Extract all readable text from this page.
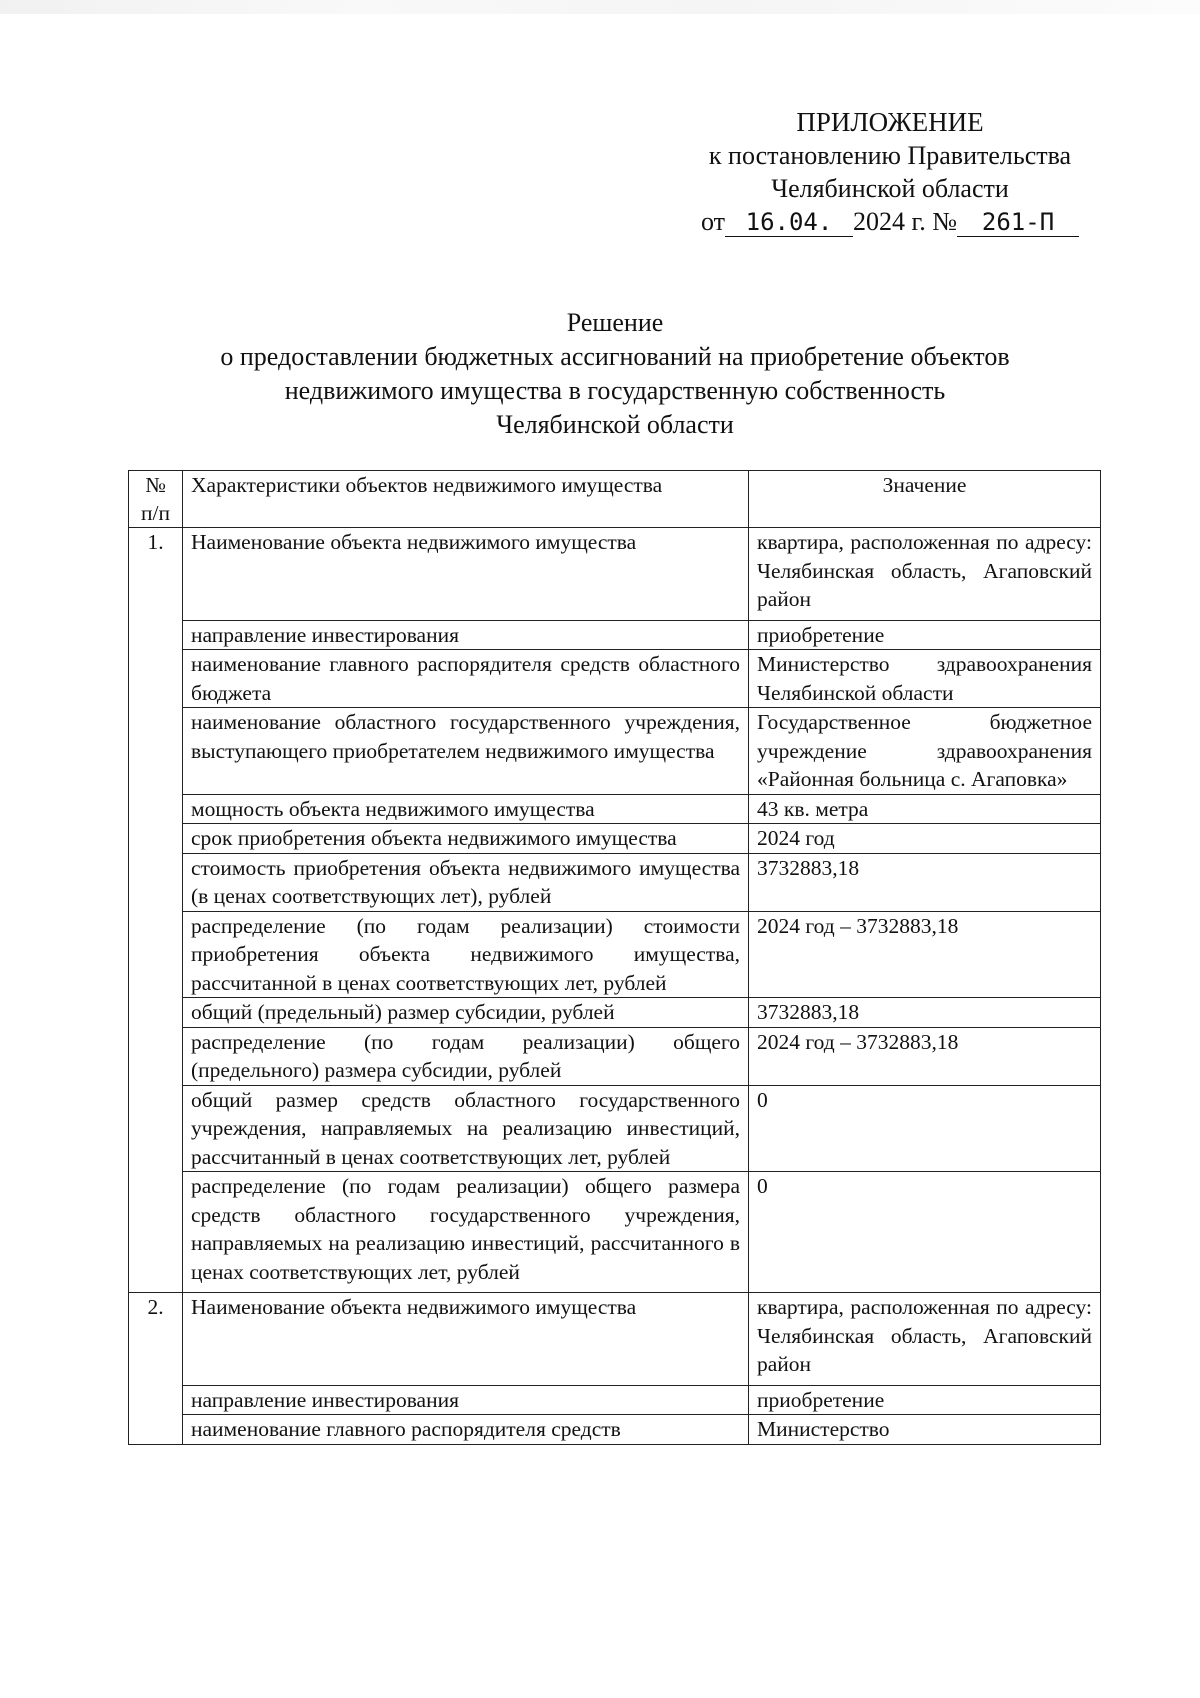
ПРИЛОЖЕНИЕ
к постановлению Правительства
Челябинской области
от 16.04. 2024 г. № 261-П
Решение
о предоставлении бюджетных ассигнований на приобретение объектов
недвижимого имущества в государственную собственность
Челябинской области
№ п/п	Характеристики объектов недвижимого имущества	Значение
1.	Наименование объекта недвижимого имущества	квартира, расположенная по адресу: Челябинская область, Агаповский район
	направление инвестирования	приобретение
	наименование главного распорядителя средств областного бюджета	Министерство здравоохранения Челябинской области
	наименование областного государственного учреждения, выступающего приобретателем недвижимого имущества	Государственное бюджетное учреждение здравоохранения «Районная больница с. Агаповка»
	мощность объекта недвижимого имущества	43 кв. метра
	срок приобретения объекта недвижимого имущества	2024 год
	стоимость приобретения объекта недвижимого имущества (в ценах соответствующих лет), рублей	3732883,18
	распределение (по годам реализации) стоимости приобретения объекта недвижимого имущества, рассчитанной в ценах соответствующих лет, рублей	2024 год – 3732883,18
	общий (предельный) размер субсидии, рублей	3732883,18
	распределение (по годам реализации) общего (предельного) размера субсидии, рублей	2024 год – 3732883,18
	общий размер средств областного государственного учреждения, направляемых на реализацию инвестиций, рассчитанный в ценах соответствующих лет, рублей	0
	распределение (по годам реализации) общего размера средств областного государственного учреждения, направляемых на реализацию инвестиций, рассчитанного в ценах соответствующих лет, рублей	0
2.	Наименование объекта недвижимого имущества	квартира, расположенная по адресу: Челябинская область, Агаповский район
	направление инвестирования	приобретение
	наименование главного распорядителя средств	Министерство
